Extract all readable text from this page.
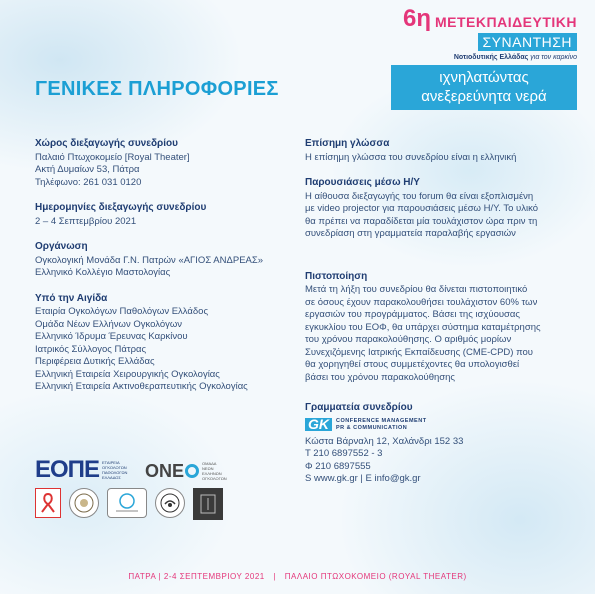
6η ΜΕΤΕΚΠΑΙΔΕΥΤΙΚΗ
ΣΥΝΑΝΤΗΣΗ
Νοτιοδυτικής Ελλάδας για τον καρκίνο
ιχνηλατώντας
ανεξερεύνητα νερά
ΓΕΝΙΚΕΣ ΠΛΗΡΟΦΟΡΙΕΣ
Χώρος διεξαγωγής συνεδρίου

Παλαιό Πτωχοκομείο [Royal Theater]

Ακτή Δυμαίων 53, Πάτρα

Τηλέφωνο: 261 031 0120

Ημερομηνίες διεξαγωγής συνεδρίου

2 – 4 Σεπτεμβρίου 2021

Οργάνωση

Ογκολογική Μονάδα Γ.Ν. Πατρών «ΑΓΙΟΣ ΑΝΔΡΕΑΣ»

Ελληνικό Κολλέγιο Μαστολογίας

Υπό την Αιγίδα

Εταιρία Ογκολόγων Παθολόγων Ελλάδος

Ομάδα Νέων Ελλήνων Ογκολόγων

Ελληνικό Ίδρυμα Έρευνας Καρκίνου

Ιατρικός Σύλλογος Πάτρας

Περιφέρεια Δυτικής Ελλάδας

Ελληνική Εταιρεία Χειρουργικής Ογκολογίας

Ελληνική Εταιρεία Ακτινοθεραπευτικής Ογκολογίας

ΕΟΠΕ ΕΤΑΙΡΕΙΑ ΟΓΚΟΛΟΓΩΝ ΠΑΘΟΛΟΓΩΝ ΕΛΛΑΔΟΣ	ONE	ΟΜΑΔΑ ΝΕΩΝ ΕΛΛΗΝΩΝ ΟΓΚΟΛΟΓΩΝ
Επίσημη γλώσσα

Η επίσημη γλώσσα του συνεδρίου είναι η ελληνική

Παρουσιάσεις μέσω Η/Υ

Η αίθουσα διεξαγωγής του forum θα είναι εξοπλισμένη

με video projector για παρουσιάσεις μέσω Η/Υ. Το υλικό

θα πρέπει να παραδίδεται μία τουλάχιστον ώρα πριν τη

συνεδρίαση στη γραμματεία παραλαβής εργασιών

Πιστοποίηση

Μετά τη λήξη του συνεδρίου θα δίνεται πιστοποιητικό

σε όσους έχουν παρακολουθήσει τουλάχιστον 60% των

εργασιών του προγράμματος. Βάσει της ισχύουσας

εγκυκλίου του ΕΟΦ, θα υπάρχει σύστημα καταμέτρησης

του χρόνου παρακολούθησης. Ο αριθμός μορίων

Συνεχιζόμενης Ιατρικής Εκπαίδευσης (CME-CPD) που

θα χορηγηθεί στους συμμετέχοντες θα υπολογισθεί

βάσει του χρόνου παρακολούθησης

Γραμματεία συνεδρίου
GK	CONFERENCE MANAGEMENT
PR & COMMUNICATION

Κώστα Βάρναλη 12, Χαλάνδρι 152 33

Τ 210 6897552 - 3

Φ 210 6897555

S www.gk.gr | E info@gk.gr

ΠΑΤΡΑ | 2-4 ΣΕΠΤΕΜΒΡΙΟΥ 2021 | ΠΑΛΑΙΟ ΠΤΩΧΟΚΟΜΕΙΟ (ROYAL THEATER)
